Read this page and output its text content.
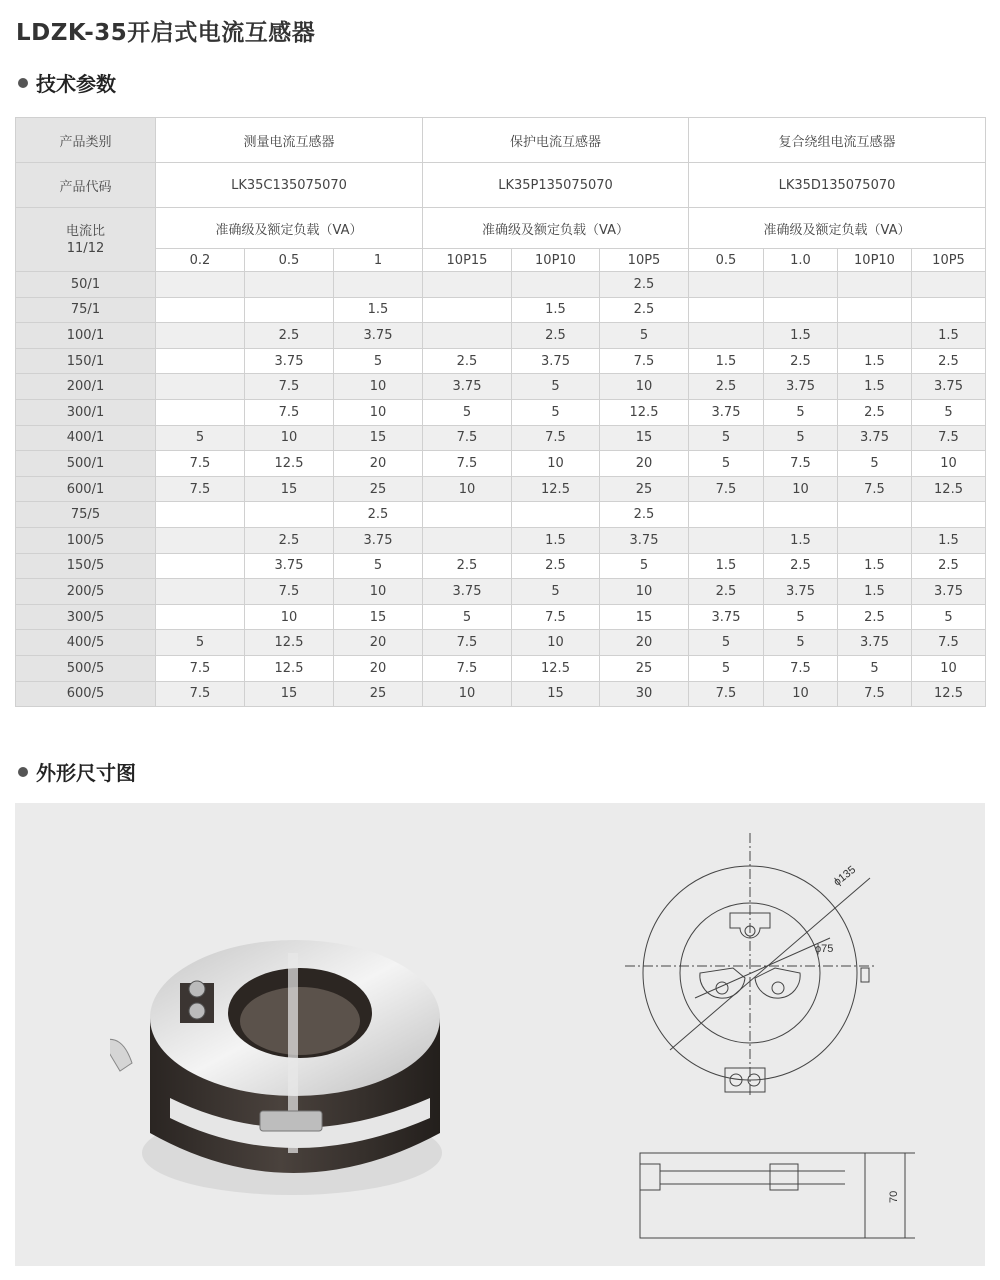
LDZK-35开启式电流互感器
技术参数
产品类别	测量电流互感器			保护电流互感器			复合绕组电流互感器			
产品代码	LK35C135075070			LK35P135075070			LK35D135075070			
电流比
11/12	准确级及额定负载（VA）			准确级及额定负载（VA）			准确级及额定负载（VA）			
	0.2	0.5	1	10P15	10P10	10P5	0.5	1.0	10P10	10P5
50/1						2.5				
75/1			1.5		1.5	2.5				
100/1		2.5	3.75		2.5	5		1.5		1.5
150/1		3.75	5	2.5	3.75	7.5	1.5	2.5	1.5	2.5
200/1		7.5	10	3.75	5	10	2.5	3.75	1.5	3.75
300/1		7.5	10	5	5	12.5	3.75	5	2.5	5
400/1	5	10	15	7.5	7.5	15	5	5	3.75	7.5
500/1	7.5	12.5	20	7.5	10	20	5	7.5	5	10
600/1	7.5	15	25	10	12.5	25	7.5	10	7.5	12.5
75/5			2.5			2.5				
100/5		2.5	3.75		1.5	3.75		1.5		1.5
150/5		3.75	5	2.5	2.5	5	1.5	2.5	1.5	2.5
200/5		7.5	10	3.75	5	10	2.5	3.75	1.5	3.75
300/5		10	15	5	7.5	15	3.75	5	2.5	5
400/5	5	12.5	20	7.5	10	20	5	5	3.75	7.5
500/5	7.5	12.5	20	7.5	12.5	25	5	7.5	5	10
600/5	7.5	15	25	10	15	30	7.5	10	7.5	12.5
外形尺寸图
ϕ135
ϕ75
70
